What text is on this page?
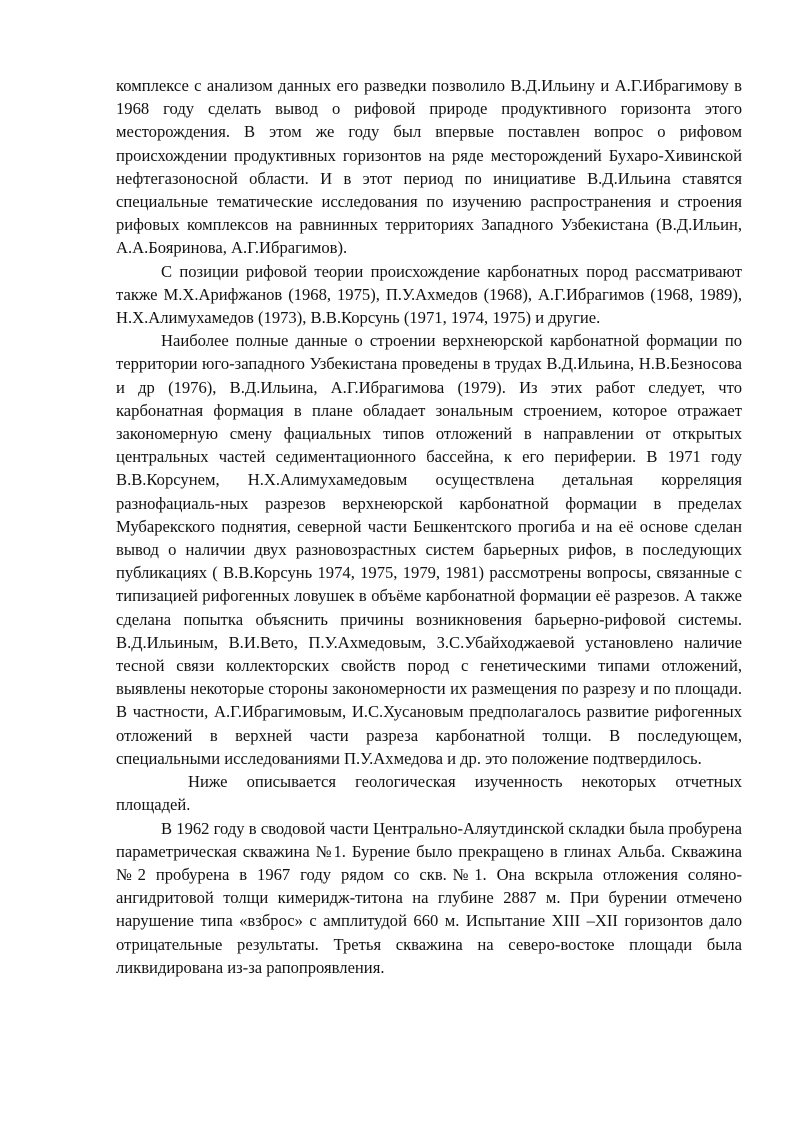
комплексе с анализом данных его разведки позволило В.Д.Ильину и А.Г.Ибрагимову в 1968 году сделать вывод о рифовой природе продуктивного горизонта этого месторождения. В этом же году был впервые поставлен вопрос о рифовом происхождении продуктивных горизонтов на ряде месторождений Бухаро-Хивинской нефтегазоносной области. И в этот период по инициативе В.Д.Ильина ставятся специальные тематические исследования по изучению распространения и строения рифовых комплексов на равнинных территориях Западного Узбекистана (В.Д.Ильин, А.А.Бояринова, А.Г.Ибрагимов).

С позиции рифовой теории происхождение карбонатных пород рассматривают также М.Х.Арифжанов (1968, 1975), П.У.Ахмедов (1968), А.Г.Ибрагимов (1968, 1989), Н.Х.Алимухамедов (1973), В.В.Корсунь (1971, 1974, 1975) и другие.

Наиболее полные данные о строении верхнеюрской карбонатной формации по территории юго-западного Узбекистана проведены в трудах В.Д.Ильина, Н.В.Безносова и др (1976), В.Д.Ильина, А.Г.Ибрагимова (1979). Из этих работ следует, что карбонатная формация в плане обладает зональным строением, которое отражает закономерную смену фациальных типов отложений в направлении от открытых центральных частей седиментационного бассейна, к его периферии. В 1971 году В.В.Корсунем, Н.Х.Алимухамедовым осуществлена детальная корреляция разнофациаль-ных разрезов верхнеюрской карбонатной формации в пределах Мубарекского поднятия, северной части Бешкентского прогиба и на её основе сделан вывод о наличии двух разновозрастных систем барьерных рифов, в последующих публикациях ( В.В.Корсунь 1974, 1975, 1979, 1981) рассмотрены вопросы, связанные с типизацией рифогенных ловушек в объёме карбонатной формации её разрезов. А также сделана попытка объяснить причины возникновения барьерно-рифовой системы. В.Д.Ильиным, В.И.Вето, П.У.Ахмедовым, З.С.Убайходжаевой установлено наличие тесной связи коллекторских свойств пород с генетическими типами отложений, выявлены некоторые стороны закономерности их размещения по разрезу и по площади. В частности, А.Г.Ибрагимовым, И.С.Хусановым предполагалось развитие рифогенных отложений в верхней части разреза карбонатной толщи. В последующем, специальными исследованиями П.У.Ахмедова и др. это положение подтвердилось.

Ниже описывается геологическая изученность некоторых отчетных площадей.

В 1962 году в сводовой части Центрально-Аляутдинской складки была пробурена параметрическая скважина №1. Бурение было прекращено в глинах Альба. Скважина №2 пробурена в 1967 году рядом со скв.№1. Она вскрыла отложения соляно-ангидритовой толщи кимеридж-титона на глубине 2887 м. При бурении отмечено нарушение типа «взброс» с амплитудой 660 м. Испытание XIII –XII горизонтов дало отрицательные результаты. Третья скважина на северо-востоке площади была ликвидирована из-за рапопроявления.
